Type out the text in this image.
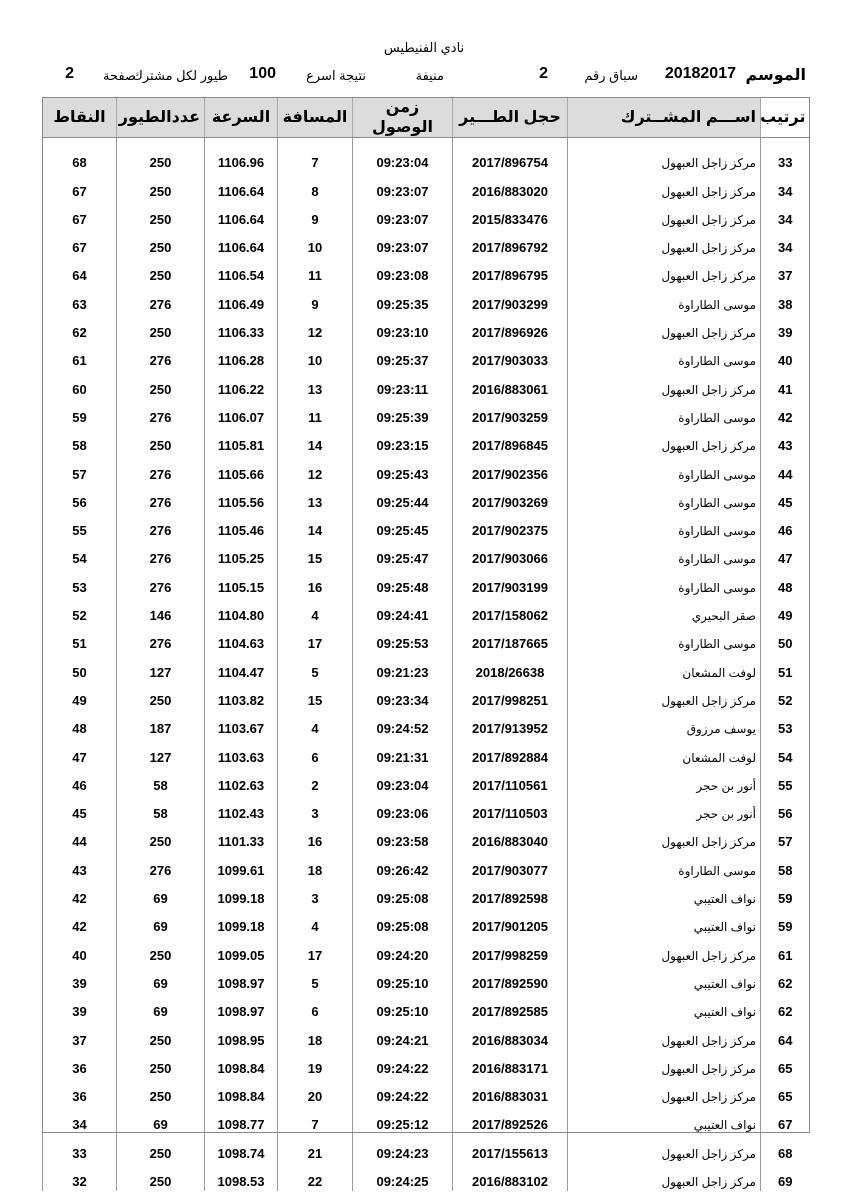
نادي الفنيطيس
الموسم
20182017
سباق رقم
2
منيفة
نتيجة اسرع
100
طيور لكل مشترك
صفحة
2
ترتيب	اســـم المشــترك	حجل الطـــير	زمن الوصول	المسافة	السرعة	عددالطيور	النقاط

33	مركز زاجل العبهول	2017/896754	09:23:04	7	1106.96	250	68
34	مركز زاجل العبهول	2016/883020	09:23:07	8	1106.64	250	67
34	مركز زاجل العبهول	2015/833476	09:23:07	9	1106.64	250	67
34	مركز زاجل العبهول	2017/896792	09:23:07	10	1106.64	250	67
37	مركز زاجل العبهول	2017/896795	09:23:08	11	1106.54	250	64
38	موسى الطاراوة	2017/903299	09:25:35	9	1106.49	276	63
39	مركز زاجل العبهول	2017/896926	09:23:10	12	1106.33	250	62
40	موسى الطاراوة	2017/903033	09:25:37	10	1106.28	276	61
41	مركز زاجل العبهول	2016/883061	09:23:11	13	1106.22	250	60
42	موسى الطاراوة	2017/903259	09:25:39	11	1106.07	276	59
43	مركز زاجل العبهول	2017/896845	09:23:15	14	1105.81	250	58
44	موسى الطاراوة	2017/902356	09:25:43	12	1105.66	276	57
45	موسى الطاراوة	2017/903269	09:25:44	13	1105.56	276	56
46	موسى الطاراوة	2017/902375	09:25:45	14	1105.46	276	55
47	موسى الطاراوة	2017/903066	09:25:47	15	1105.25	276	54
48	موسى الطاراوة	2017/903199	09:25:48	16	1105.15	276	53
49	صقر البحيري	2017/158062	09:24:41	4	1104.80	146	52
50	موسى الطاراوة	2017/187665	09:25:53	17	1104.63	276	51
51	لوفت المشعان	2018/26638	09:21:23	5	1104.47	127	50
52	مركز زاجل العبهول	2017/998251	09:23:34	15	1103.82	250	49
53	يوسف مرزوق	2017/913952	09:24:52	4	1103.67	187	48
54	لوفت المشعان	2017/892884	09:21:31	6	1103.63	127	47
55	أنور بن حجر	2017/110561	09:23:04	2	1102.63	58	46
56	أنور بن حجر	2017/110503	09:23:06	3	1102.43	58	45
57	مركز زاجل العبهول	2016/883040	09:23:58	16	1101.33	250	44
58	موسى الطاراوة	2017/903077	09:26:42	18	1099.61	276	43
59	نواف العتيبي	2017/892598	09:25:08	3	1099.18	69	42
59	نواف العتيبي	2017/901205	09:25:08	4	1099.18	69	42
61	مركز زاجل العبهول	2017/998259	09:24:20	17	1099.05	250	40
62	نواف العتيبي	2017/892590	09:25:10	5	1098.97	69	39
62	نواف العتيبي	2017/892585	09:25:10	6	1098.97	69	39
64	مركز زاجل العبهول	2016/883034	09:24:21	18	1098.95	250	37
65	مركز زاجل العبهول	2016/883171	09:24:22	19	1098.84	250	36
65	مركز زاجل العبهول	2016/883031	09:24:22	20	1098.84	250	36
67	نواف العتيبي	2017/892526	09:25:12	7	1098.77	69	34
68	مركز زاجل العبهول	2017/155613	09:24:23	21	1098.74	250	33
69	مركز زاجل العبهول	2016/883102	09:24:25	22	1098.53	250	32
